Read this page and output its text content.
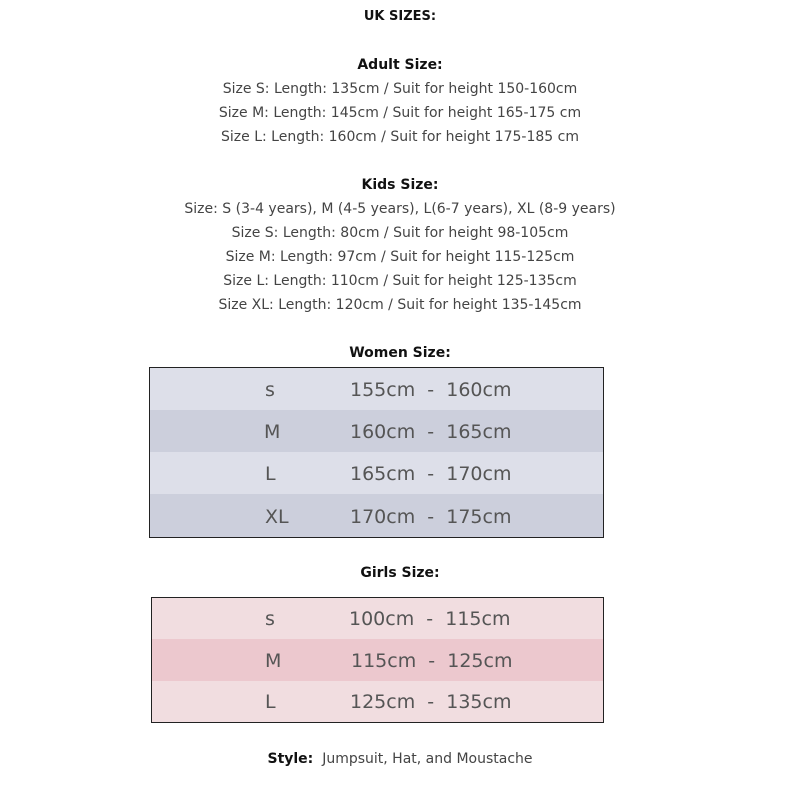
UK SIZES:
Adult Size:
Size S: Length: 135cm / Suit for height 150-160cm
Size M: Length: 145cm / Suit for height 165-175 cm
Size L: Length: 160cm / Suit for height 175-185 cm
Kids Size:
Size: S (3-4 years), M (4-5 years), L(6-7 years), XL (8-9 years)
Size S: Length: 80cm / Suit for height 98-105cm
Size M: Length: 97cm / Suit for height 115-125cm
Size L: Length: 110cm / Suit for height 125-135cm
Size XL: Length: 120cm / Suit for height 135-145cm
Women Size:
s	155cm  -  160cm
M	160cm  -  165cm
L	165cm  -  170cm
XL	170cm  -  175cm
Girls Size:
s	100cm  -  115cm
M	115cm  -  125cm
L	125cm  -  135cm
Style: Jumpsuit, Hat, and Moustache
